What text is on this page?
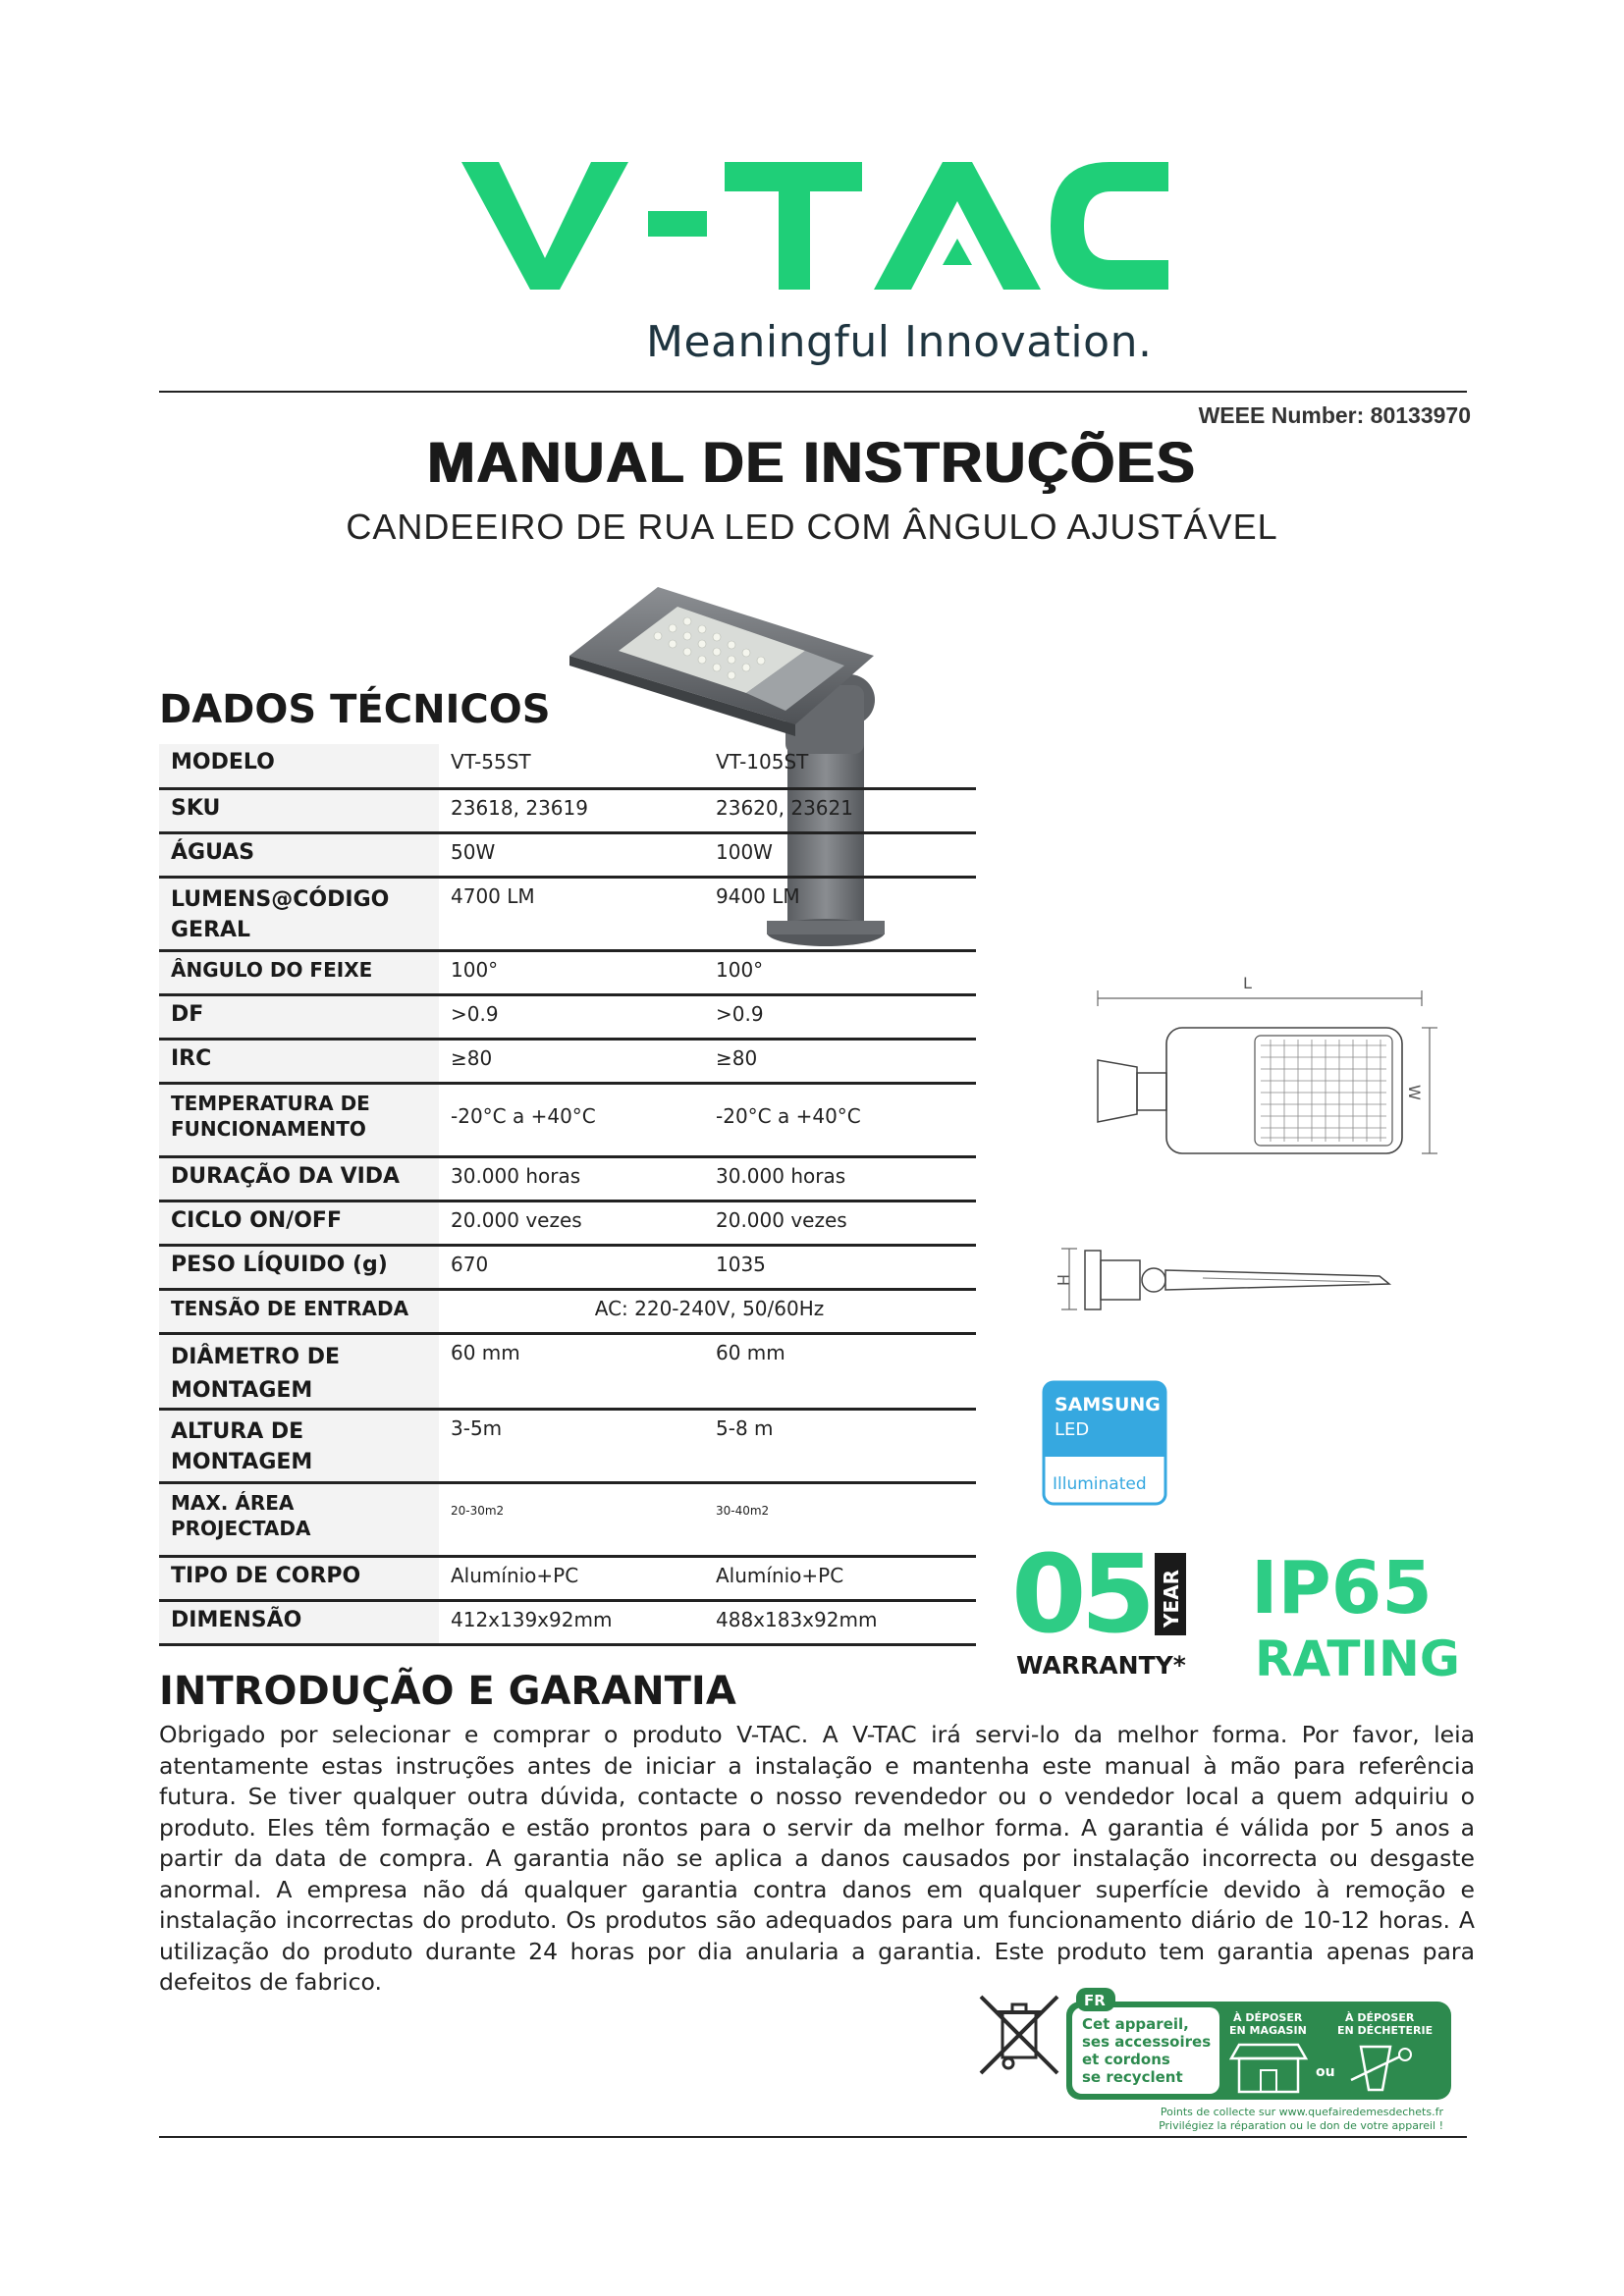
Meaningful Innovation.
WEEE Number: 80133970
MANUAL DE INSTRUÇÕES
CANDEEIRO DE RUA LED COM ÂNGULO AJUSTÁVEL
DADOS TÉCNICOS
MODELO	VT-55ST	VT-105ST
SKU	23618, 23619	23620, 23621
ÁGUAS	50W	100W
LUMENS@CÓDIGO GERAL	4700 LM	9400 LM
ÂNGULO DO FEIXE	100°	100°
DF	>0.9	>0.9
IRC	≥80	≥80
TEMPERATURA DE FUNCIONAMENTO	-20°C a +40°C	-20°C a +40°C
DURAÇÃO DA VIDA	30.000 horas	30.000 horas
CICLO ON/OFF	20.000 vezes	20.000 vezes
PESO LÍQUIDO (g)	670	1035
TENSÃO DE ENTRADA	AC: 220-240V, 50/60Hz	
DIÂMETRO DE MONTAGEM	60 mm	60 mm
ALTURA DE MONTAGEM	3-5m	5-8 m
MAX. ÁREA PROJECTADA	20-30m2	30-40m2
TIPO DE CORPO	Alumínio+PC	Alumínio+PC
DIMENSÃO	412x139x92mm	488x183x92mm
L
W
H
SAMSUNG
LED
Illuminated
05 YEAR
WARRANTY*
IP65
RATING
INTRODUÇÃO E GARANTIA
Obrigado por selecionar e comprar o produto V-TAC. A V-TAC irá servi-lo da melhor forma. Por favor, leia atentamente estas instruções antes de iniciar a instalação e mantenha este manual à mão para referência futura. Se tiver qualquer outra dúvida, contacte o nosso revendedor ou o vendedor local a quem adquiriu o produto. Eles têm formação e estão prontos para o servir da melhor forma. A garantia é válida por 5 anos a partir da data de compra. A garantia não se aplica a danos causados por instalação incorrecta ou desgaste anormal. A empresa não dá qualquer garantia contra danos em qualquer superfície devido à remoção e instalação incorrectas do produto. Os produtos são adequados para um funcionamento diário de 10-12 horas. A utilização do produto durante 24 horas por dia anularia a garantia. Este produto tem garantia apenas para defeitos de fabrico.
FR
Cet appareil,
ses accessoires
et cordons
se recyclent
À DÉPOSER
EN MAGASIN
À DÉPOSER
EN DÉCHETERIE
ou
Points de collecte sur www.quefairedemesdechets.fr
Privilégiez la réparation ou le don de votre appareil !
